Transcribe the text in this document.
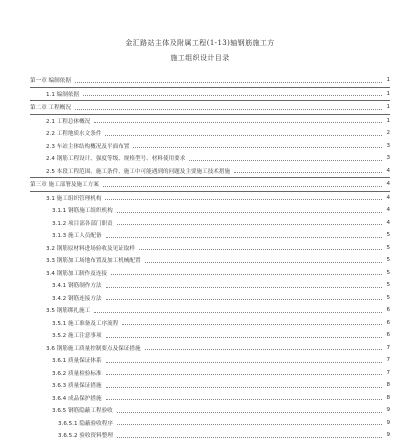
金汇路站主体及附属工程(1-13)轴钢筋施工方
施工组织设计目录
第一章 编制依据	1
1.1 编制依据	1
第二章 工程概况	1
2.1 工程总体概况	1
2.2 工程地质水文条件	2
2.3 车站主体结构概况及平面布置	3
2.4 钢筋工程设计、强度等级、规格型号、材料使用要求	3
2.5 本段工程范围、施工条件、施工中可能遇到的问题及主要施工技术措施	4
第三章 施工部署及施工方案	4
3.1 施工组织管理机构	4
3.1.1 钢筋施工组织机构	4
3.1.2 项目部各部门职责	4
3.1.3 施工人员配备	5
3.2 钢筋原材料进场验收及见证取样	5
3.3 钢筋加工场地布置及加工机械配置	5
3.4 钢筋加工制作及连接	5
3.4.1 钢筋制作方法	5
3.4.2 钢筋连接方法	5
3.5 钢筋绑扎施工	6
3.5.1 施工准备及工序流程	6
3.5.2 施工注意事项	6
3.6 钢筋施工质量控制要点及保证措施	7
3.6.1 质量保证体系	7
3.6.2 质量检验标准	7
3.6.3 质量保证措施	8
3.6.4 成品保护措施	8
3.6.5 钢筋隐蔽工程验收	9
3.6.5.1 隐蔽验收程序	9
3.6.5.2 验收资料整理	9
